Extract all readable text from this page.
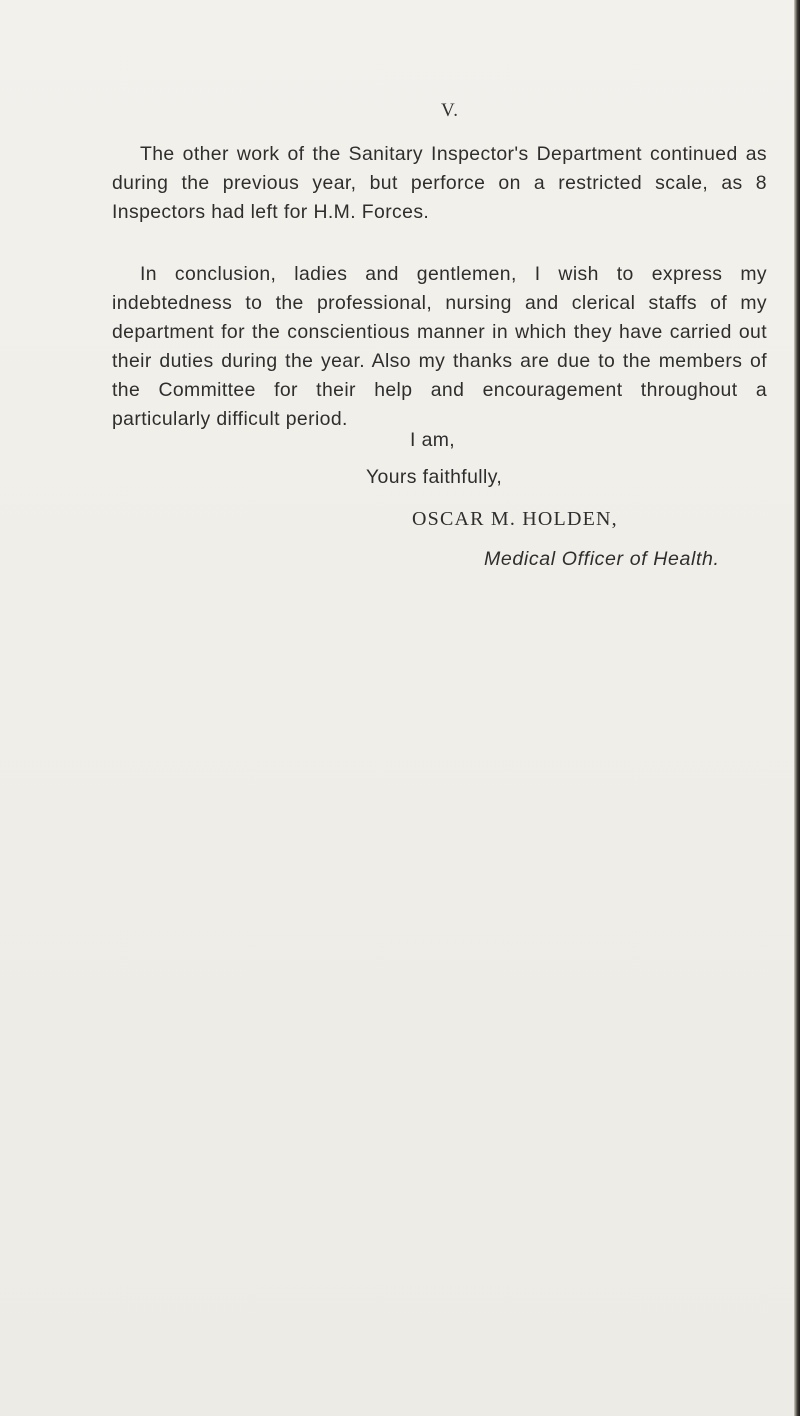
V.

The other work of the Sanitary Inspector's Department continued as during the previous year, but perforce on a restricted scale, as 8 Inspectors had left for H.M. Forces.

In conclusion, ladies and gentlemen, I wish to express my indebtedness to the professional, nursing and clerical staffs of my department for the conscientious manner in which they have carried out their duties during the year. Also my thanks are due to the members of the Committee for their help and encouragement throughout a particularly difficult period.

I am,
Yours faithfully,
OSCAR M. HOLDEN,
Medical Officer of Health.
